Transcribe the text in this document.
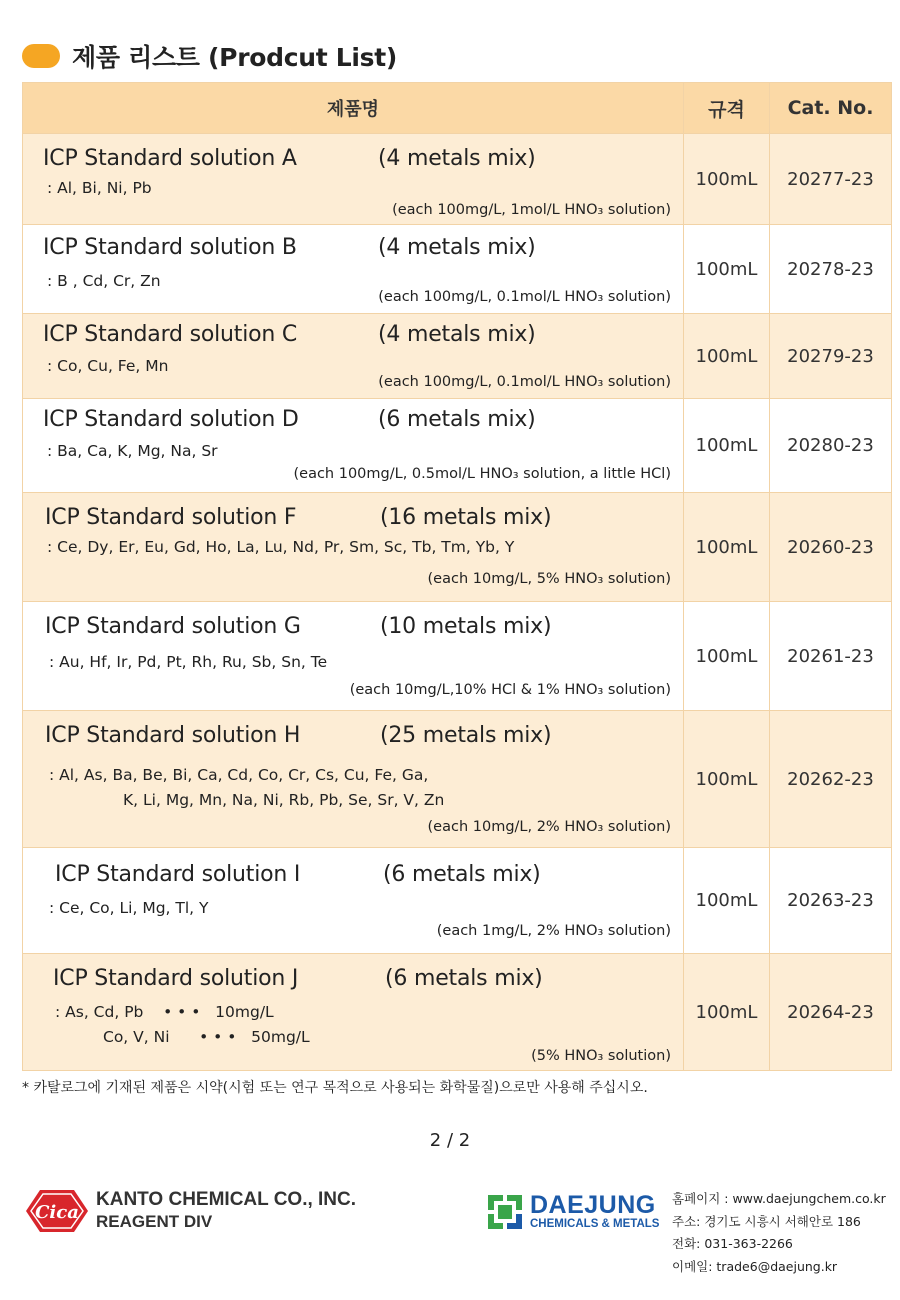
제품 리스트 (Prodcut List)
제품명	규격	Cat. No.

ICP Standard solution A (4 metals mix)
: Al, Bi, Ni, Pb
(each 100mg/L, 1mol/L HNO₃ solution)	100mL	20277-23

ICP Standard solution B (4 metals mix)
: B , Cd, Cr, Zn
(each 100mg/L, 0.1mol/L HNO₃ solution)	100mL	20278-23

ICP Standard solution C (4 metals mix)
: Co, Cu, Fe, Mn
(each 100mg/L, 0.1mol/L HNO₃ solution)	100mL	20279-23

ICP Standard solution D (6 metals mix)
: Ba, Ca, K, Mg, Na, Sr
(each 100mg/L, 0.5mol/L HNO₃ solution, a little HCl)	100mL	20280-23

ICP Standard solution F (16 metals mix)
: Ce, Dy, Er, Eu, Gd, Ho, La, Lu, Nd, Pr, Sm, Sc, Tb, Tm, Yb, Y
(each 10mg/L, 5% HNO₃ solution)	100mL	20260-23

ICP Standard solution G (10 metals mix)
: Au, Hf, Ir, Pd, Pt, Rh, Ru, Sb, Sn, Te
(each 10mg/L,10% HCl & 1% HNO₃ solution)	100mL	20261-23

ICP Standard solution H (25 metals mix)
: Al, As, Ba, Be, Bi, Ca, Cd, Co, Cr, Cs, Cu, Fe, Ga,
K, Li, Mg, Mn, Na, Ni, Rb, Pb, Se, Sr, V, Zn
(each 10mg/L, 2% HNO₃ solution)	100mL	20262-23

ICP Standard solution I (6 metals mix)
: Ce, Co, Li, Mg, Tl, Y
(each 1mg/L, 2% HNO₃ solution)	100mL	20263-23

ICP Standard solution J (6 metals mix)
: As, Cd, Pb    • • •   10mg/L
Co, V, Ni      • • •   50mg/L
(5% HNO₃ solution)	100mL	20264-23
* 카탈로그에 기재된 제품은 시약(시험 또는 연구 목적으로 사용되는 화학물질)으로만 사용해 주십시오.
2 / 2
Cica
KANTO CHEMICAL CO., INC.
REAGENT DIV
DAEJUNG
CHEMICALS & METALS
홈페이지 : www.daejungchem.co.kr
주소: 경기도 시흥시 서해안로 186
전화: 031-363-2266
이메일: trade6@daejung.kr
